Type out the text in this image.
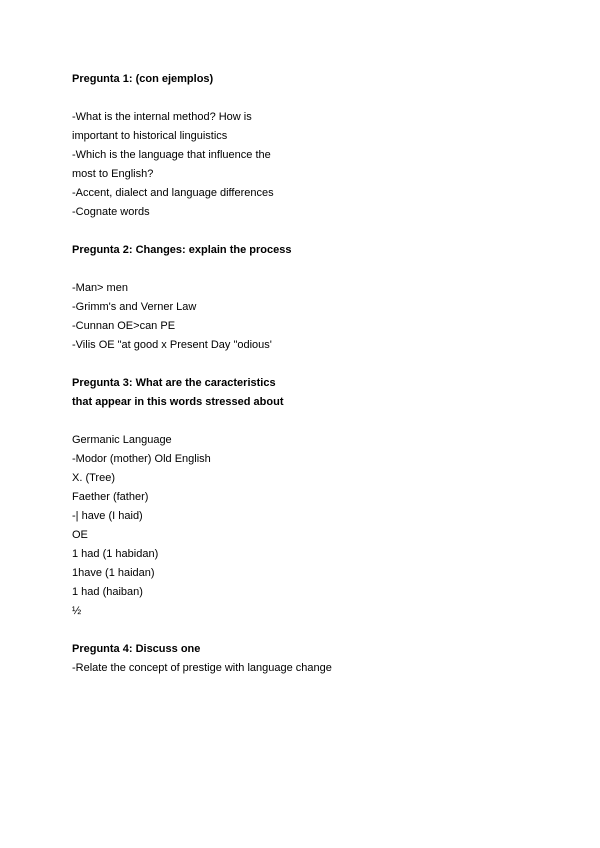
Pregunta 1: (con ejemplos)

-What is the internal method? How is

important to historical linguistics

-Which is the language that influence the

most to English?

-Accent, dialect and language differences

-Cognate words

Pregunta 2: Changes: explain the process

-Man> men

-Grimm's and Verner Law

-Cunnan OE>can PE

-Vilis OE "at good x Present Day "odious'

Pregunta 3: What are the caracteristics

that appear in this words stressed about

Germanic Language

-Modor (mother) Old English

X. (Tree)

Faether (father)

-| have (I haid)

OE

1 had (1 habidan)

1have (1 haidan)

1 had (haiban)

½

Pregunta 4: Discuss one

-Relate the concept of prestige with language change
